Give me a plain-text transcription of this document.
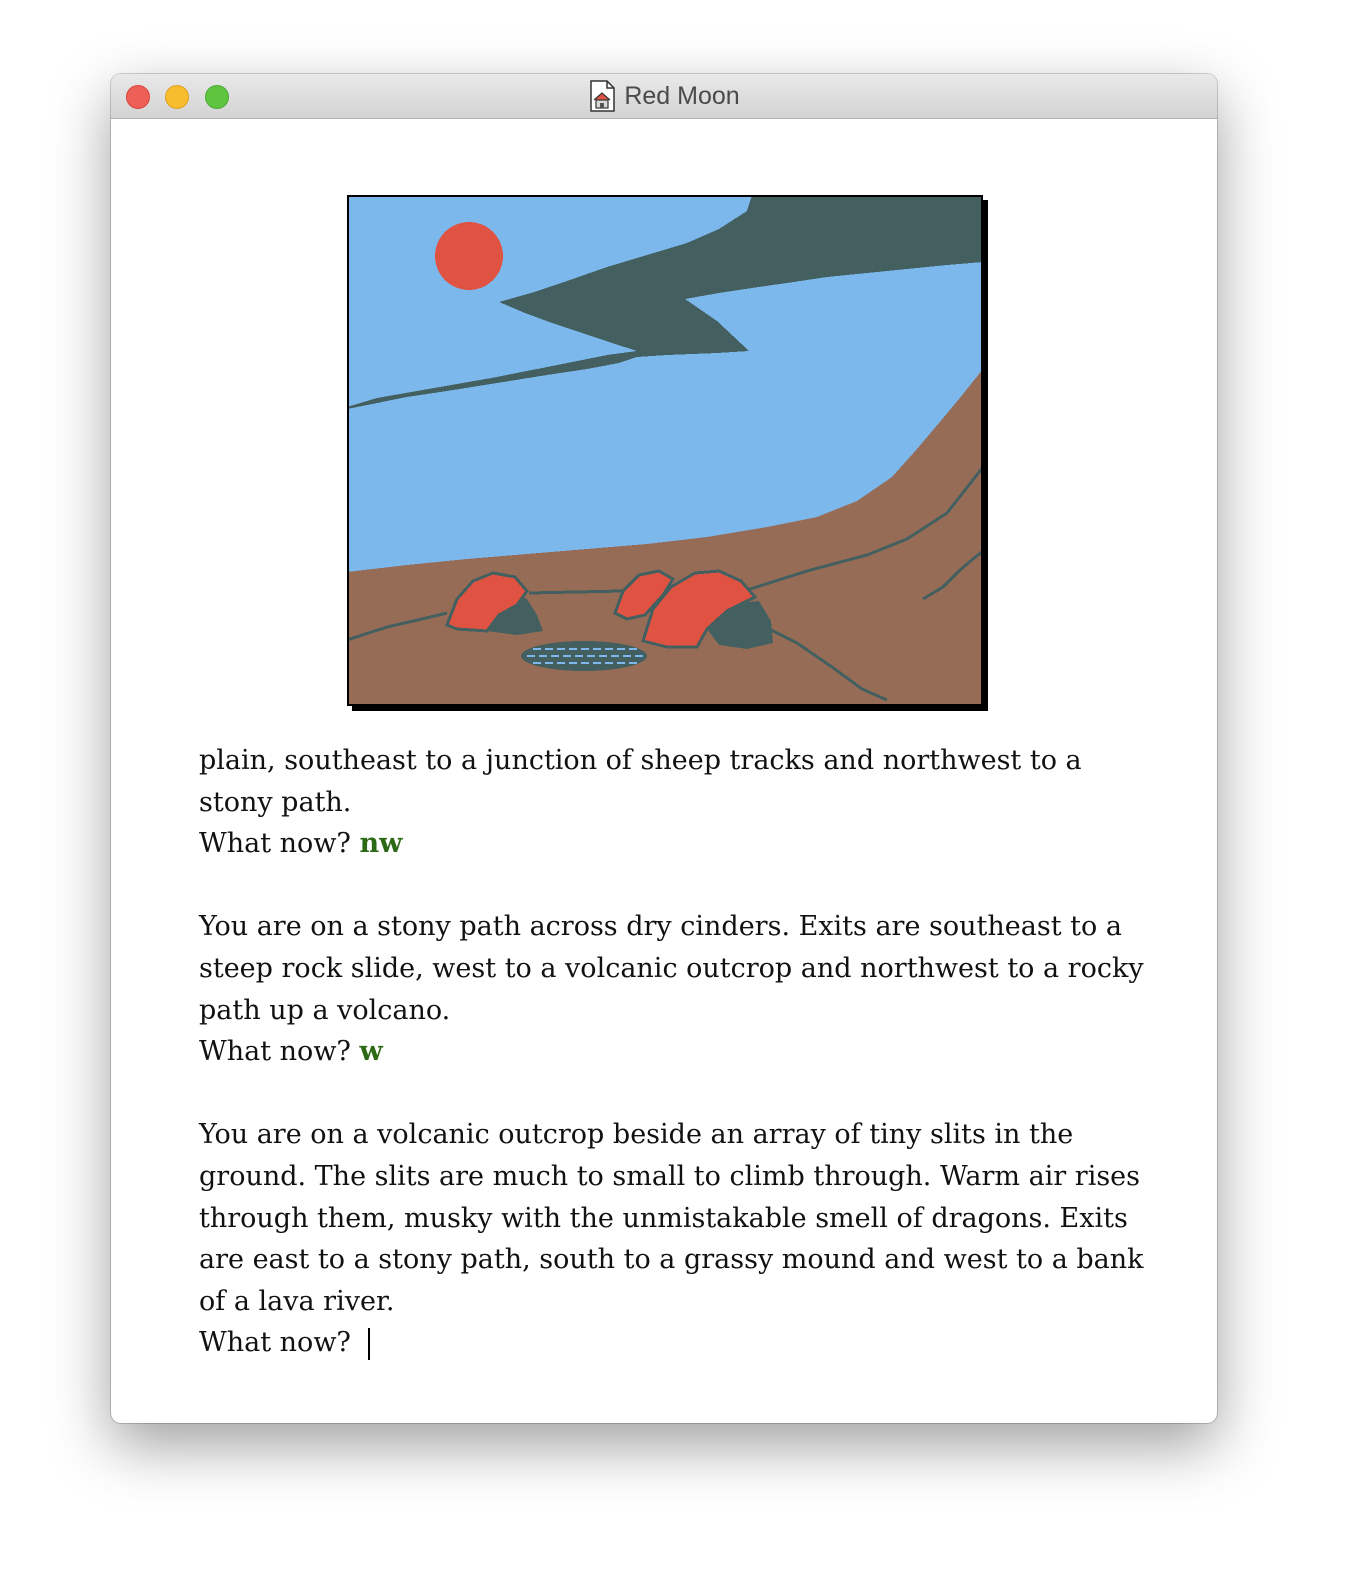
Red Moon

plain, southeast to a junction of sheep tracks and northwest to a stony path.

What now? nw

You are on a stony path across dry cinders. Exits are southeast to a steep rock slide, west to a volcanic outcrop and northwest to a rocky path up a volcano.

What now? w

You are on a volcanic outcrop beside an array of tiny slits in the ground. The slits are much to small to climb through. Warm air rises through them, musky with the unmistakable smell of dragons. Exits are east to a stony path, south to a grassy mound and west to a bank of a lava river.

What now?
